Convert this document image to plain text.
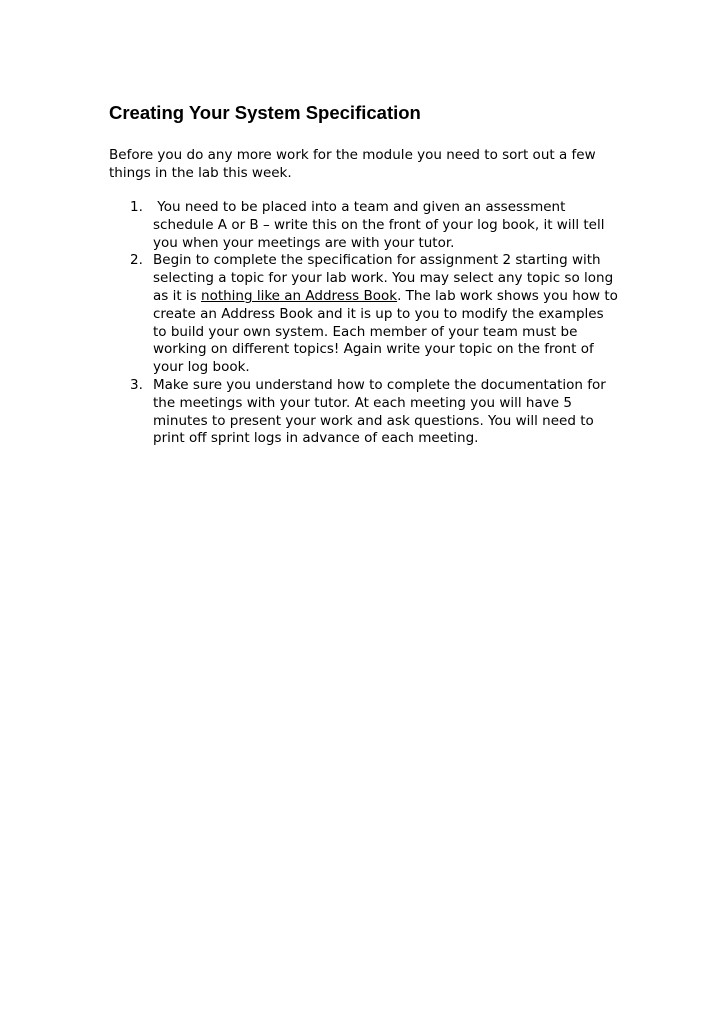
Creating Your System Specification

Before you do any more work for the module you need to sort out a few things in the lab this week.

1. You need to be placed into a team and given an assessment schedule A or B – write this on the front of your log book, it will tell you when your meetings are with your tutor.
2. Begin to complete the specification for assignment 2 starting with selecting a topic for your lab work. You may select any topic so long as it is nothing like an Address Book. The lab work shows you how to create an Address Book and it is up to you to modify the examples to build your own system. Each member of your team must be working on different topics! Again write your topic on the front of your log book.
3. Make sure you understand how to complete the documentation for the meetings with your tutor. At each meeting you will have 5 minutes to present your work and ask questions. You will need to print off sprint logs in advance of each meeting.
